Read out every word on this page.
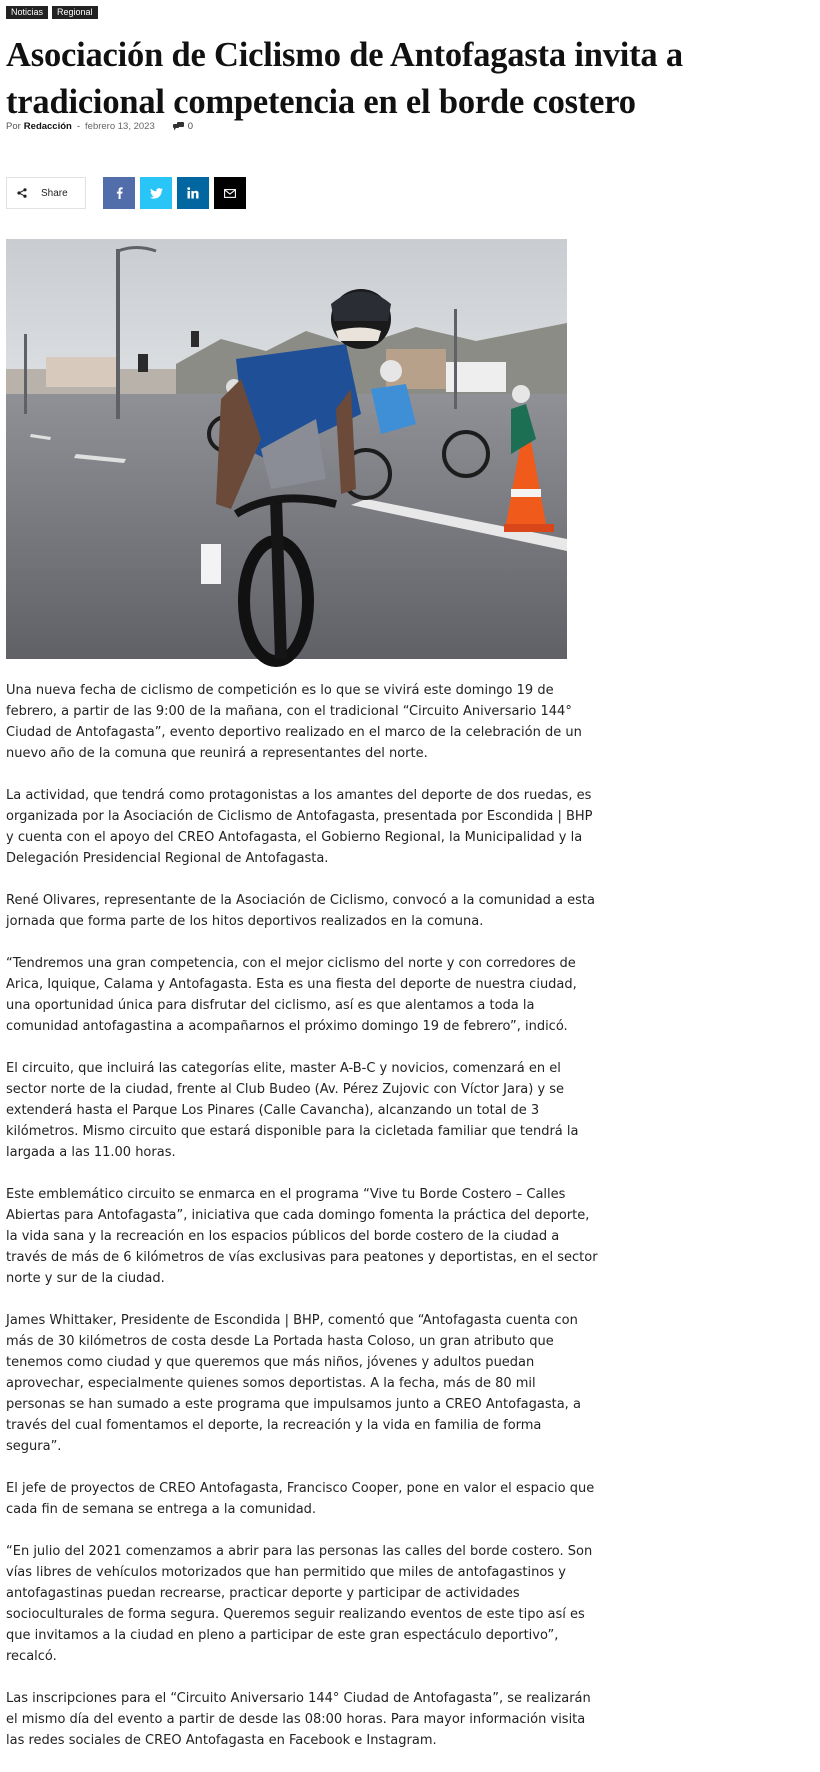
Noticias	Regional
Asociación de Ciclismo de Antofagasta invita a tradicional competencia en el borde costero
Por Redacción - febrero 13, 2023	0
Share

Una nueva fecha de ciclismo de competición es lo que se vivirá este domingo 19 de febrero, a partir de las 9:00 de la mañana, con el tradicional “Circuito Aniversario 144° Ciudad de Antofagasta”, evento deportivo realizado en el marco de la celebración de un nuevo año de la comuna que reunirá a representantes del norte.

La actividad, que tendrá como protagonistas a los amantes del deporte de dos ruedas, es organizada por la Asociación de Ciclismo de Antofagasta, presentada por Escondida | BHP y cuenta con el apoyo del CREO Antofagasta, el Gobierno Regional, la Municipalidad y la Delegación Presidencial Regional de Antofagasta.

René Olivares, representante de la Asociación de Ciclismo, convocó a la comunidad a esta jornada que forma parte de los hitos deportivos realizados en la comuna.

“Tendremos una gran competencia, con el mejor ciclismo del norte y con corredores de Arica, Iquique, Calama y Antofagasta. Esta es una fiesta del deporte de nuestra ciudad, una oportunidad única para disfrutar del ciclismo, así es que alentamos a toda la comunidad antofagastina a acompañarnos el próximo domingo 19 de febrero”, indicó.

El circuito, que incluirá las categorías elite, master A-B-C y novicios, comenzará en el sector norte de la ciudad, frente al Club Budeo (Av. Pérez Zujovic con Víctor Jara) y se extenderá hasta el Parque Los Pinares (Calle Cavancha), alcanzando un total de 3 kilómetros. Mismo circuito que estará disponible para la cicletada familiar que tendrá la largada a las 11.00 horas.

Este emblemático circuito se enmarca en el programa “Vive tu Borde Costero – Calles Abiertas para Antofagasta”, iniciativa que cada domingo fomenta la práctica del deporte, la vida sana y la recreación en los espacios públicos del borde costero de la ciudad a través de más de 6 kilómetros de vías exclusivas para peatones y deportistas, en el sector norte y sur de la ciudad.

James Whittaker, Presidente de Escondida | BHP, comentó que “Antofagasta cuenta con más de 30 kilómetros de costa desde La Portada hasta Coloso, un gran atributo que tenemos como ciudad y que queremos que más niños, jóvenes y adultos puedan aprovechar, especialmente quienes somos deportistas. A la fecha, más de 80 mil personas se han sumado a este programa que impulsamos junto a CREO Antofagasta, a través del cual fomentamos el deporte, la recreación y la vida en familia de forma segura”.

El jefe de proyectos de CREO Antofagasta, Francisco Cooper, pone en valor el espacio que cada fin de semana se entrega a la comunidad.

“En julio del 2021 comenzamos a abrir para las personas las calles del borde costero. Son vías libres de vehículos motorizados que han permitido que miles de antofagastinos y antofagastinas puedan recrearse, practicar deporte y participar de actividades socioculturales de forma segura. Queremos seguir realizando eventos de este tipo así es que invitamos a la ciudad en pleno a participar de este gran espectáculo deportivo”, recalcó.

Las inscripciones para el “Circuito Aniversario 144° Ciudad de Antofagasta”, se realizarán el mismo día del evento a partir de desde las 08:00 horas. Para mayor información visita las redes sociales de CREO Antofagasta en Facebook e Instagram.
